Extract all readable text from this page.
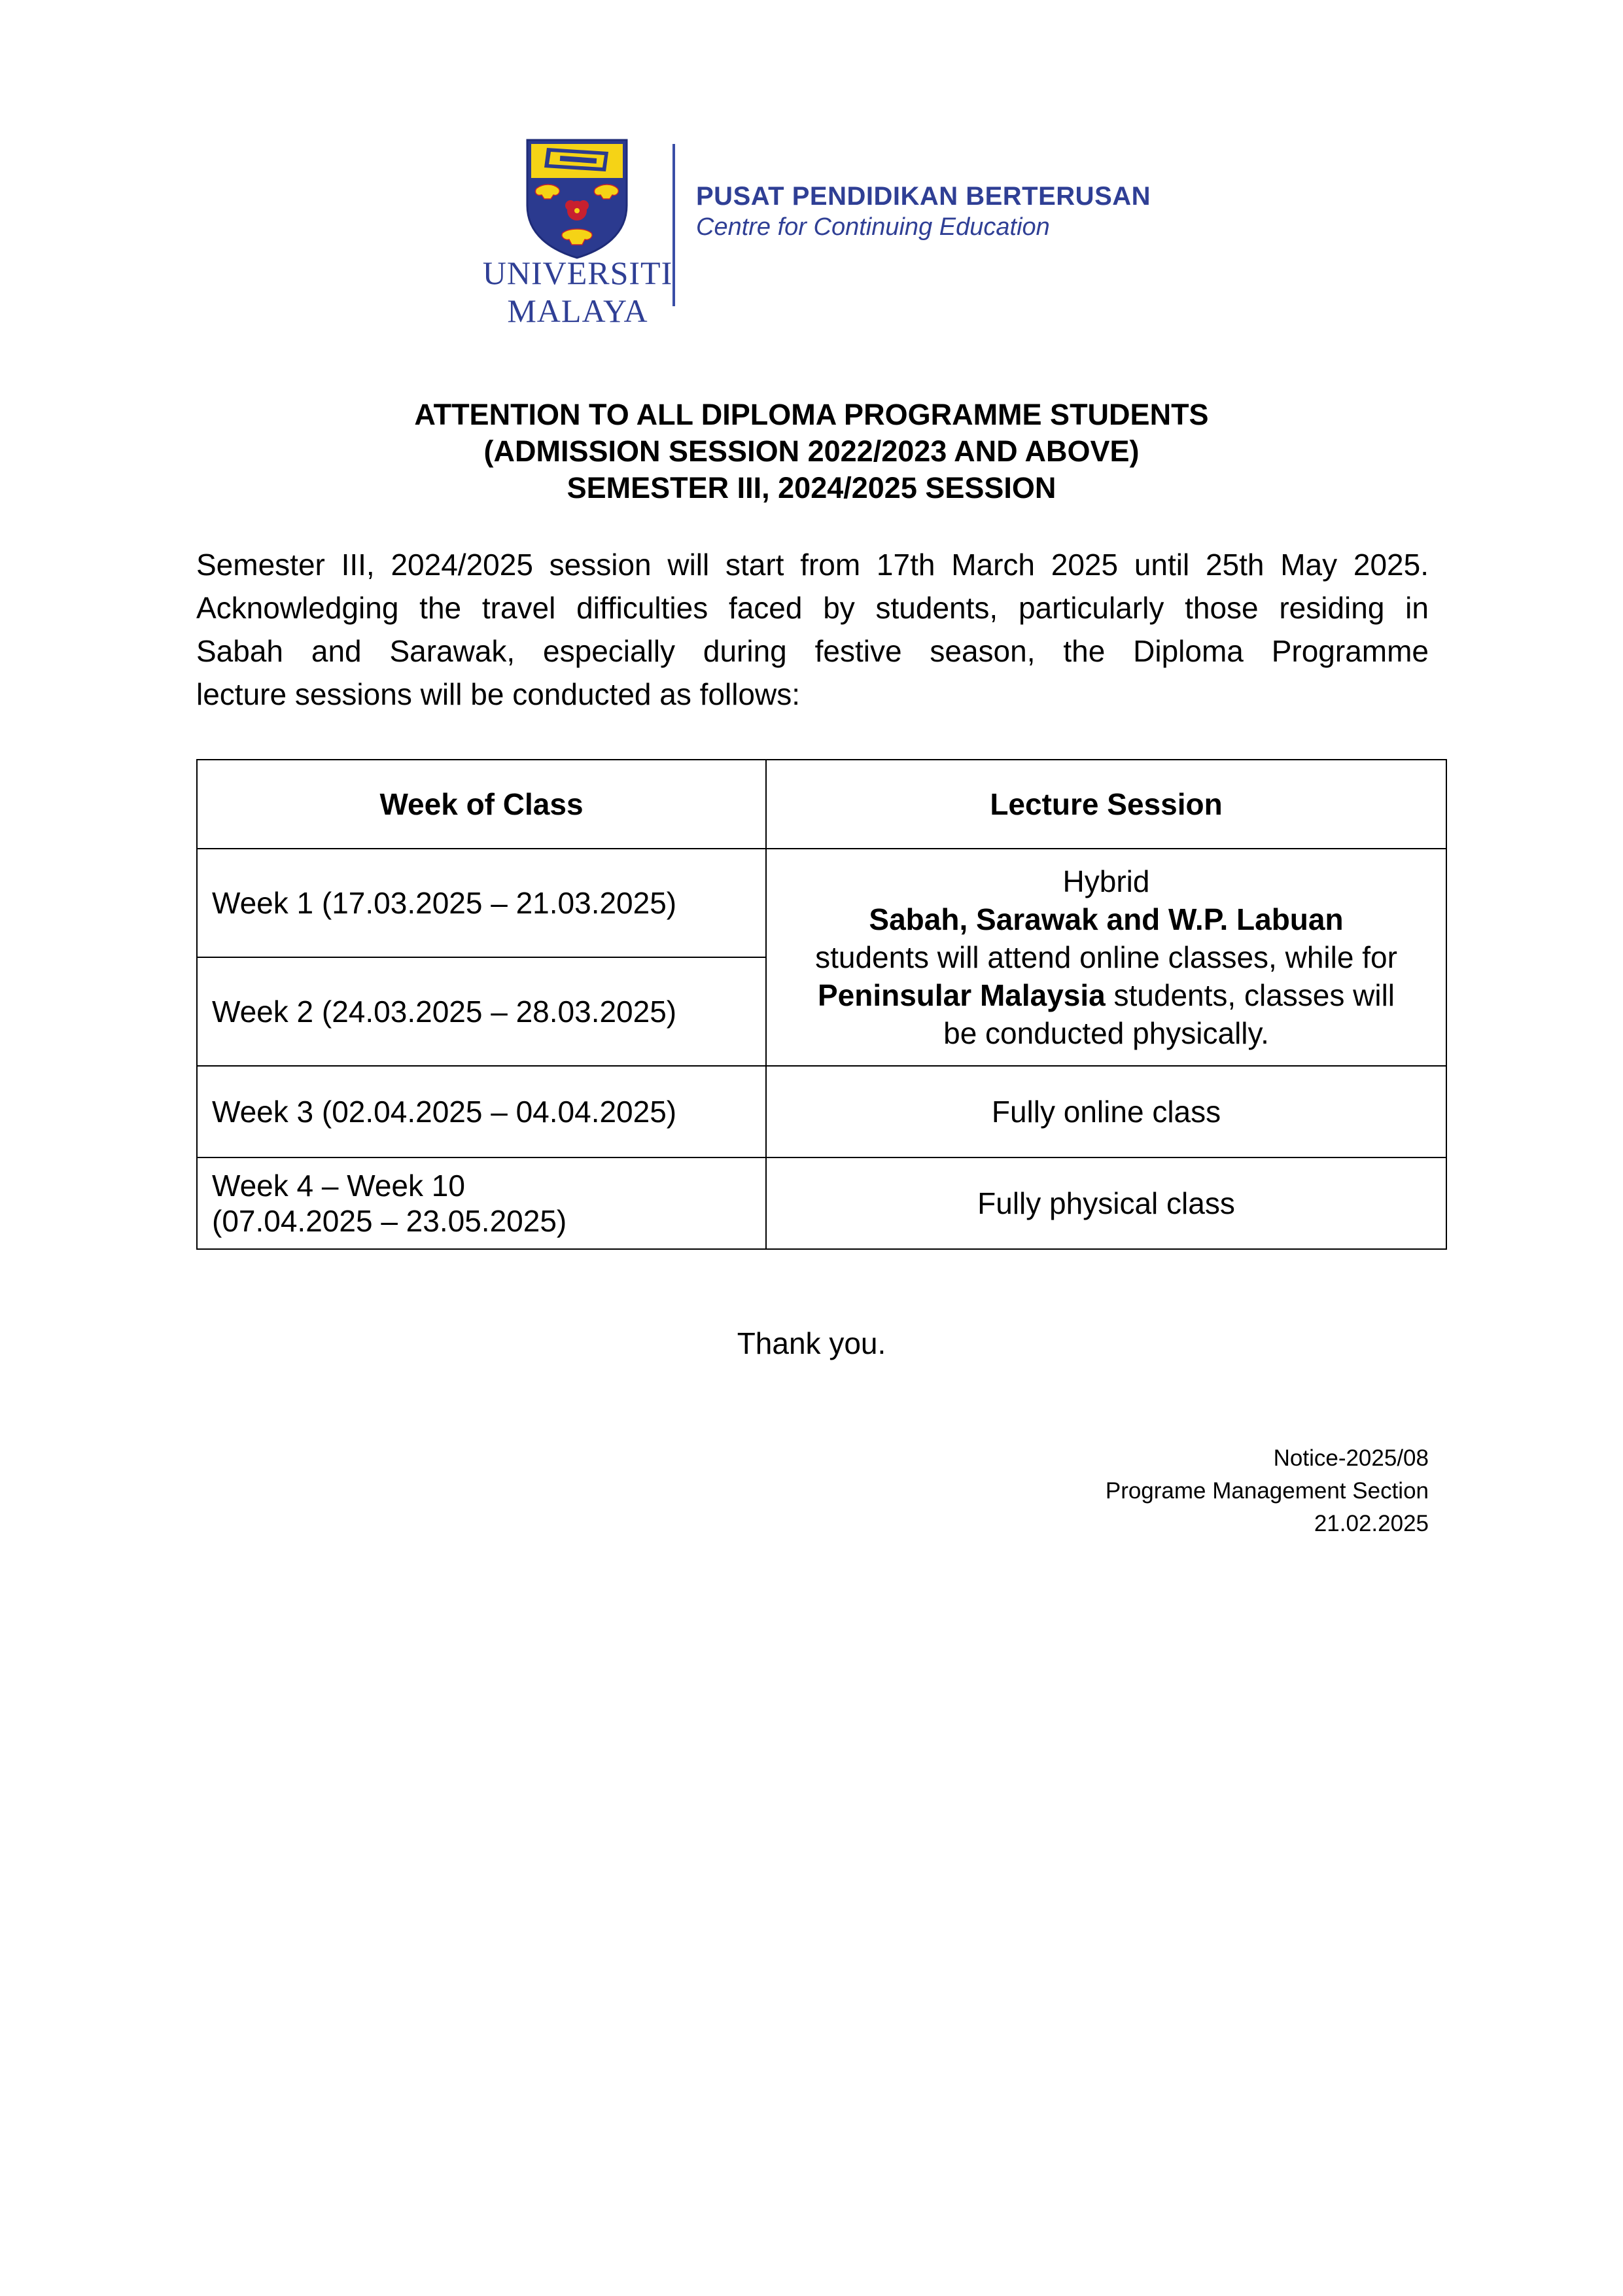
UNIVERSITI
MALAYA
PUSAT PENDIDIKAN BERTERUSAN
Centre for Continuing Education
ATTENTION TO ALL DIPLOMA PROGRAMME STUDENTS
(ADMISSION SESSION 2022/2023 AND ABOVE)
SEMESTER III, 2024/2025 SESSION
Semester III, 2024/2025 session will start from 17th March 2025 until 25th May 2025.
Acknowledging the travel difficulties faced by students, particularly those residing in
Sabah and Sarawak, especially during festive season, the Diploma Programme
lecture sessions will be conducted as follows:
Week of Class	Lecture Session
Week 1 (17.03.2025 – 21.03.2025)	Hybrid
Sabah, Sarawak and W.P. Labuan
students will attend online classes, while for
Peninsular Malaysia students, classes will
be conducted physically.

Week 2 (24.03.2025 – 28.03.2025)	
Week 3 (02.04.2025 – 04.04.2025)	Fully online class

Week 4 – Week 10
(07.04.2025 – 23.05.2025)	Fully physical class
Thank you.
Notice-2025/08
Programe Management Section
21.02.2025
